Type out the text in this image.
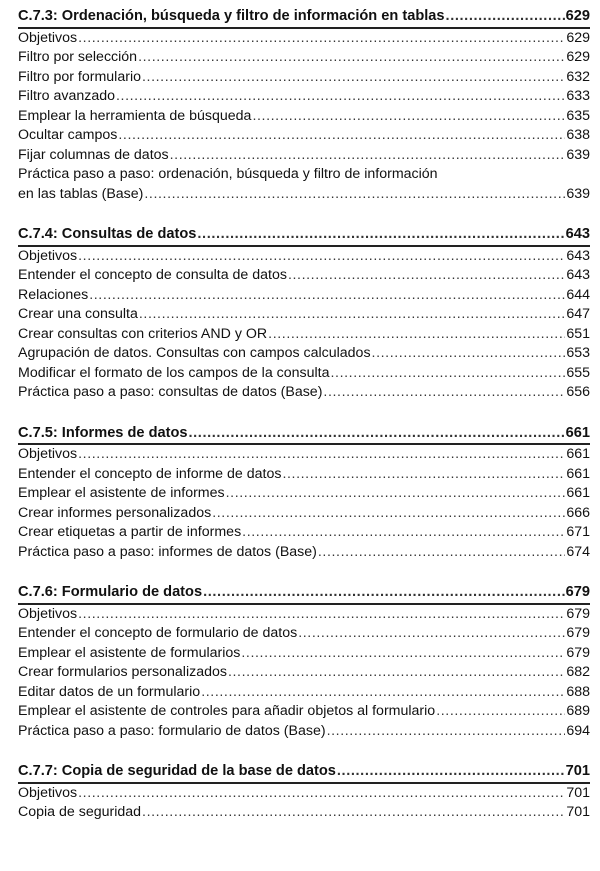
C.7.3: Ordenación, búsqueda y filtro de información en tablas .....	629
Objetivos .....	629
Filtro por selección .....	629
Filtro por formulario .....	632
Filtro avanzado .....	633
Emplear la herramienta de búsqueda .....	635
Ocultar campos .....	638
Fijar columnas de datos .....	639
Práctica paso a paso: ordenación, búsqueda y filtro de información
en las tablas (Base) .....	639
C.7.4: Consultas de datos .....	643
Objetivos .....	643
Entender el concepto de consulta de datos .....	643
Relaciones .....	644
Crear una consulta .....	647
Crear consultas con criterios AND y OR .....	651
Agrupación de datos. Consultas con campos calculados .....	653
Modificar el formato de los campos de la consulta .....	655
Práctica paso a paso: consultas de datos (Base) .....	656
C.7.5: Informes de datos .....	661
Objetivos .....	661
Entender el concepto de informe de datos .....	661
Emplear el asistente de informes .....	661
Crear informes personalizados .....	666
Crear etiquetas a partir de informes .....	671
Práctica paso a paso: informes de datos (Base) .....	674
C.7.6: Formulario de datos .....	679
Objetivos .....	679
Entender el concepto de formulario de datos .....	679
Emplear el asistente de formularios .....	679
Crear formularios personalizados .....	682
Editar datos de un formulario .....	688
Emplear el asistente de controles para añadir objetos al formulario .....	689
Práctica paso a paso: formulario de datos (Base) .....	694
C.7.7: Copia de seguridad de la base de datos .....	701
Objetivos .....	701
Copia de seguridad .....	701
